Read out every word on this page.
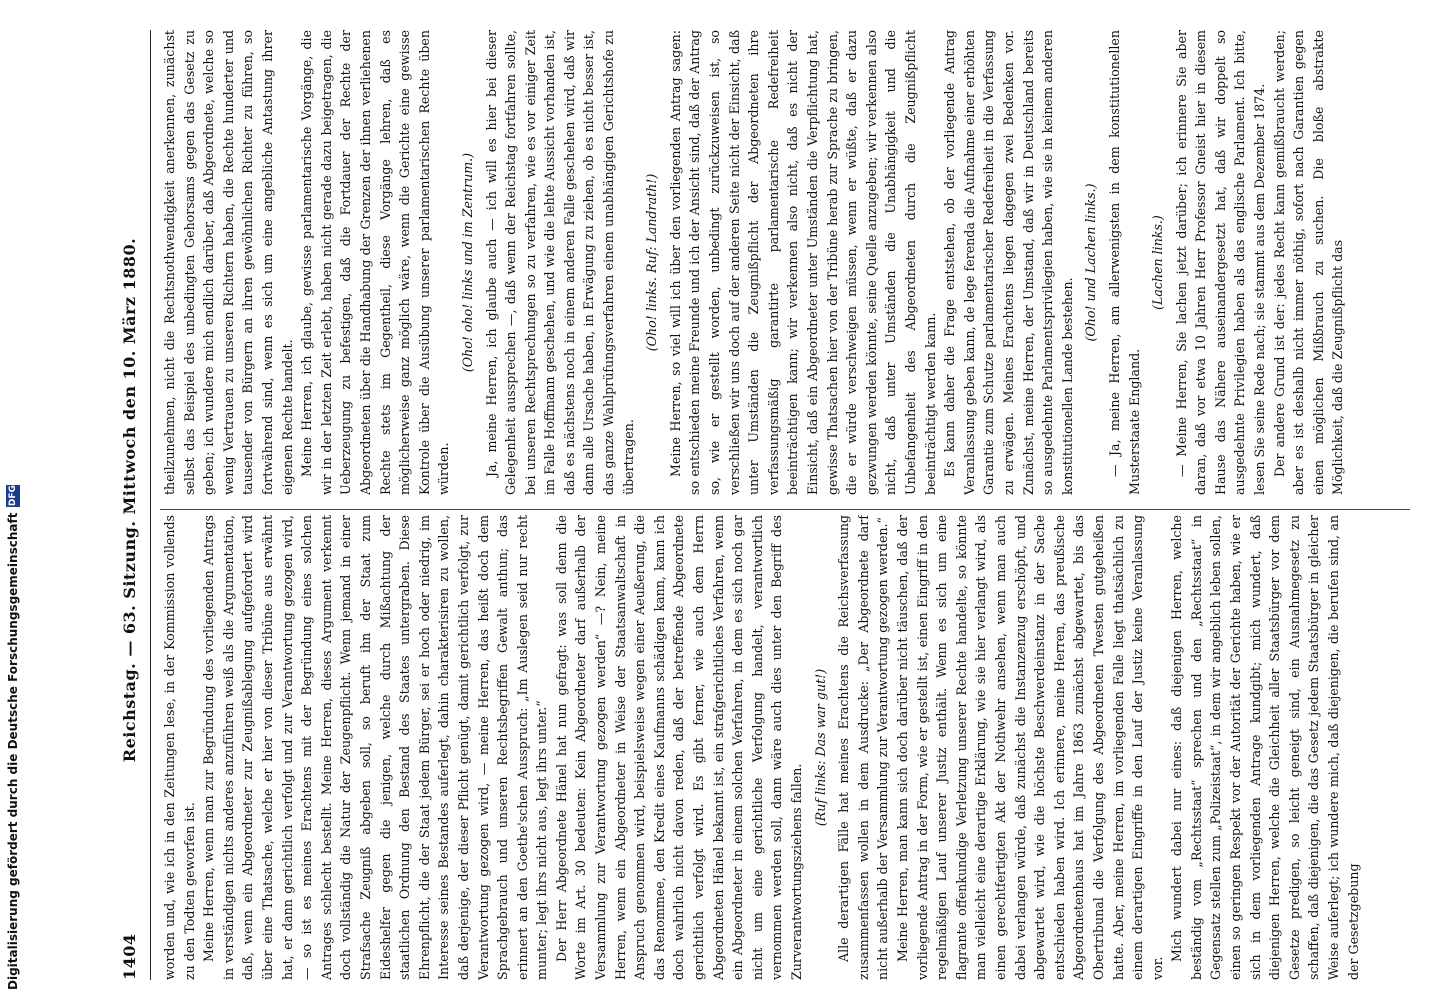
1404
Reichstag. — 63. Sitzung. Mittwoch den 10. März 1880. worden und, wie ich in den Zeitungen lese, in der Kommission vollends zu den Todten geworfen ist. Meine Herren, wenn man zur Begründung des vorliegenden Antrags in verständigen nichts anderes anzuführen weiß als die Argumentation, daß, wenn ein Abgeordneter zur Zeugnißablegung aufgefordert wird über eine Thatsache, welche er hier von dieser Tribüne aus erwähnt hat, er dann gerichtlich verfolgt und zur Verantwortung gezogen wird, — so ist es meines Erachtens mit der Begründung eines solchen Antrages schlecht bestellt. Meine Herren, dieses Argument verkennt doch vollständig die Natur der Zeugenpflicht. Wenn jemand in einer Strafsache Zeugniß abgeben soll, so beruft ihn der Staat zum Eideshelfer gegen die jenigen, welche durch Mißachtung der staatlichen Ordnung den Bestand des Staates untergraben. Diese Ehrenpflicht, die der Staat jedem Bürger, sei er hoch oder niedrig, im Interesse seines Bestandes auferlegt, dahin charakterisiren zu wollen, daß derjenige, der dieser Pflicht genügt, damit gerichtlich verfolgt, zur Verantwortung gezogen wird, — meine Herren, das heißt doch dem Sprachgebrauch und unseren Rechtsbegriffen Gewalt anthun; das erinnert an den Goethe'schen Ausspruch: „Im Auslegen seid nur recht munter; legt ihrs nicht aus, legt ihrs unter.“ Der Herr Abgeordnete Hänel hat nun gefragt: was soll denn die Worte im Art. 30 bedeuten: Kein Abgeordneter darf außerhalb der Versammlung zur Verantwortung gezogen werden“ —? Nein, meine Herren, wenn ein Abgeordneter in Weise der Staatsanwaltschaft in Anspruch genommen wird, beispielsweise wegen einer Aeußerung, die das Renommee, den Kredit eines Kaufmanns schädigen kann, kann ich doch wahrlich nicht davon reden, daß der betreffende Abgeordnete gerichtlich verfolgt wird. Es gibt ferner, wie auch dem Herrn Abgeordneten Hänel bekannt ist, ein strafgerichtliches Verfahren, wenn ein Abgeordneter in einem solchen Verfahren, in dem es sich noch gar nicht um eine gerichtliche Verfolgung handelt, verantwortlich vernommen werden soll, dann wäre auch dies unter den Begriff des Zurverantwortungsziehens fallen.

(Ruf links: Das war gut!) Alle derartigen Fälle hat meines Erachtens die Reichsverfassung zusammenfassen wollen in dem Ausdrucke: „Der Abgeordnete darf nicht außerhalb der Versammlung zur Verantwortung gezogen werden.“ Meine Herren, man kann sich doch darüber nicht täuschen, daß der vorliegende Antrag in der Form, wie er gestellt ist, einen Eingriff in den regelmäßigen Lauf unserer Justiz enthält. Wenn es sich um eine flagrante offenkundige Verletzung unserer Rechte handelte, so könnte man vielleicht eine derartige Erklärung, wie sie hier verlangt wird, als einen gerechtfertigten Akt der Nothwehr ansehen, wenn man auch dabei verlangen würde, daß zunächst die Instanzenzug erschöpft, und abgewartet wird, wie die höchste Beschwerdeinstanz in der Sache entschieden haben wird. Ich erinnere, meine Herren, das preußische Abgeordnetenhaus hat im Jahre 1863 zunächst abgewartet, bis das Obertribunal die Verfolgung des Abgeordneten Twesten gutgeheißen hatte. Aber, meine Herren, im vorliegenden Falle liegt thatsächlich zu einem derartigen Eingriffe in den Lauf der Justiz keine Veranlassung vor.

Mich wundert dabei nur eines: daß diejenigen Herren, welche beständig vom „Rechtsstaat“ sprechen und den „Rechtsstaat“ in Gegensatz stellen zum „Polizeistaat“, in dem wir angeblich leben sollen, einen so geringen Respekt vor der Autorität der Gerichte haben, wie er sich in dem vorliegenden Antrage kundgibt; mich wundert, daß diejenigen Herren, welche die Gleichheit aller Staatsbürger vor dem Gesetze predigen, so leicht geneigt sind, ein Ausnahmegesetz zu schaffen, daß diejenigen, die das Gesetz jedem Staatsbürger in gleicher Weise auferlegt; ich wundere mich, daß diejenigen, die berufen sind, an der Gesetzgebung

theilzunehmen, nicht die Rechtsnothwendigkeit anerkennen, zunächst selbst das Beispiel des unbedingten Gehorsams gegen das Gesetz zu geben; ich wundere mich endlich darüber, daß Abgeordnete, welche so wenig Vertrauen zu unseren Richtern haben, die Rechte hunderter und tausender von Bürgern an ihren gewöhnlichen Richter zu führen, so fortwährend sind, wenn es sich um eine angebliche Antastung ihrer eigenen Rechte handelt. Meine Herren, ich glaube, gewisse parlamentarische Vorgänge, die wir in der letzten Zeit erlebt, haben nicht gerade dazu beigetragen, die Ueberzeugung zu befestigen, daß die Fortdauer der Rechte der Abgeordneten über die Handhabung der Grenzen der ihnen verliehenen Rechte stets im Gegentheil, diese Vorgänge lehren, daß es möglicherweise ganz möglich wäre, wenn die Gerichte eine gewisse Kontrole über die Ausübung unserer parlamentarischen Rechte üben würden.

(Oho! oho! links und im Zentrum.) Ja, meine Herren, ich glaube auch — ich will es hier bei dieser Gelegenheit aussprechen —, daß wenn der Reichstag fortfahren sollte, bei unseren Rechtsprechungen so zu verfahren, wie es vor einiger Zeit im Falle Hoffmann geschehen, und wie die lehte Aussicht vorhanden ist, daß es nächstens noch in einem anderen Falle geschehen wird, daß wir dann alle Ursache haben, in Erwägung zu ziehen, ob es nicht besser ist, das ganze Wahlprüfungsverfahren einem unabhängigen Gerichtshofe zu übertragen.

(Oho! links. Ruf: Landrath!) Meine Herren, so viel will ich über den vorliegenden Antrag sagen: so entschieden meine Freunde und ich der Ansicht sind, daß der Antrag so, wie er gestellt worden, unbedingt zurückzuweisen ist, so verschließen wir uns doch auf der anderen Seite nicht der Einsicht, daß unter Umständen die Zeugnißpflicht der Abgeordneten ihre verfassungsmäßig garantirte parlamentarische Redefreiheit beeinträchtigen kann; wir verkennen also nicht, daß es nicht der Einsicht, daß ein Abgeordneter unter Umständen die Verpflichtung hat, gewisse Thatsachen hier von der Tribüne herab zur Sprache zu bringen, die er würde verschweigen müssen, wenn er wüßte, daß er dazu gezwungen werden könnte, seine Quelle anzugeben; wir verkennen also nicht, daß unter Umständen die Unabhängigkeit und die Unbefangenheit des Abgeordneten durch die Zeugnißpflicht beeinträchtigt werden kann. Es kann daher die Frage entstehen, ob der vorliegende Antrag Veranlassung geben kann, de lege ferenda die Aufnahme einer erhöhten Garantie zum Schutze parlamentarischer Redefreiheit in die Verfassung zu erwägen. Meines Erachtens liegen dagegen zwei Bedenken vor. Zunächst, meine Herren, der Umstand, daß wir in Deutschland bereits so ausgedehnte Parlamentsprivilegien haben, wie sie in keinem anderen konstitutionellen Lande bestehen.

(Oho! und Lachen links.) — Ja, meine Herren, am allerwenigsten in dem konstitutionellen Musterstaate England.

(Lachen links.) — Meine Herren, Sie lachen jetzt darüber; ich erinnere Sie aber daran, daß vor etwa 10 Jahren Herr Professor Gneist hier in diesem Hause das Nähere auseinandergesetzt hat, daß wir doppelt so ausgedehnte Privilegien haben als das englische Parlament. Ich bitte, lesen Sie seine Rede nach; sie stammt aus dem Dezember 1874. Der andere Grund ist der: jedes Recht kann gemißbraucht werden; aber es ist deshalb nicht immer nöthig, sofort nach Garantien gegen einen möglichen Mißbrauch zu suchen. Die bloße abstrakte Möglichkeit, daß die Zeugnißpflicht das

Digitalisierung gefördert durch die Deutsche Forschungsgemeinschaft
DFG
